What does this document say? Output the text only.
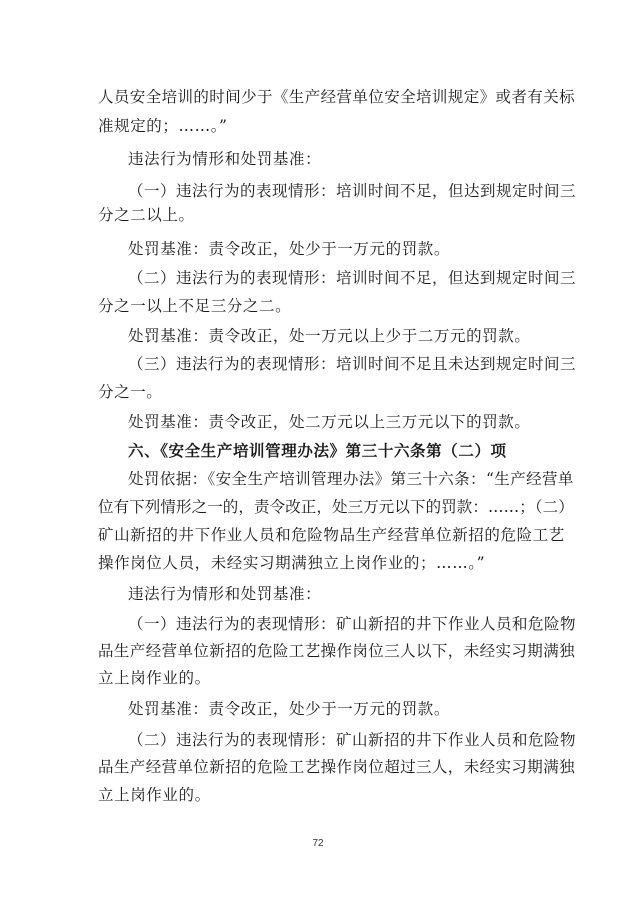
人员安全培训的时间少于《生产经营单位安全培训规定》或者有关标
准规定的；……。”
违法行为情形和处罚基准：
（一）违法行为的表现情形：培训时间不足，但达到规定时间三
分之二以上。
处罚基准：责令改正，处少于一万元的罚款。
（二）违法行为的表现情形：培训时间不足，但达到规定时间三
分之一以上不足三分之二。
处罚基准：责令改正，处一万元以上少于二万元的罚款。
（三）违法行为的表现情形：培训时间不足且未达到规定时间三
分之一。
处罚基准：责令改正，处二万元以上三万元以下的罚款。
六、《安全生产培训管理办法》第三十六条第（二）项
处罚依据：《安全生产培训管理办法》第三十六条：“生产经营单
位有下列情形之一的，责令改正，处三万元以下的罚款：……；（二）
矿山新招的井下作业人员和危险物品生产经营单位新招的危险工艺
操作岗位人员，未经实习期满独立上岗作业的；……。”
违法行为情形和处罚基准：
（一）违法行为的表现情形：矿山新招的井下作业人员和危险物
品生产经营单位新招的危险工艺操作岗位三人以下，未经实习期满独
立上岗作业的。
处罚基准：责令改正，处少于一万元的罚款。
（二）违法行为的表现情形：矿山新招的井下作业人员和危险物
品生产经营单位新招的危险工艺操作岗位超过三人，未经实习期满独
立上岗作业的。
72
